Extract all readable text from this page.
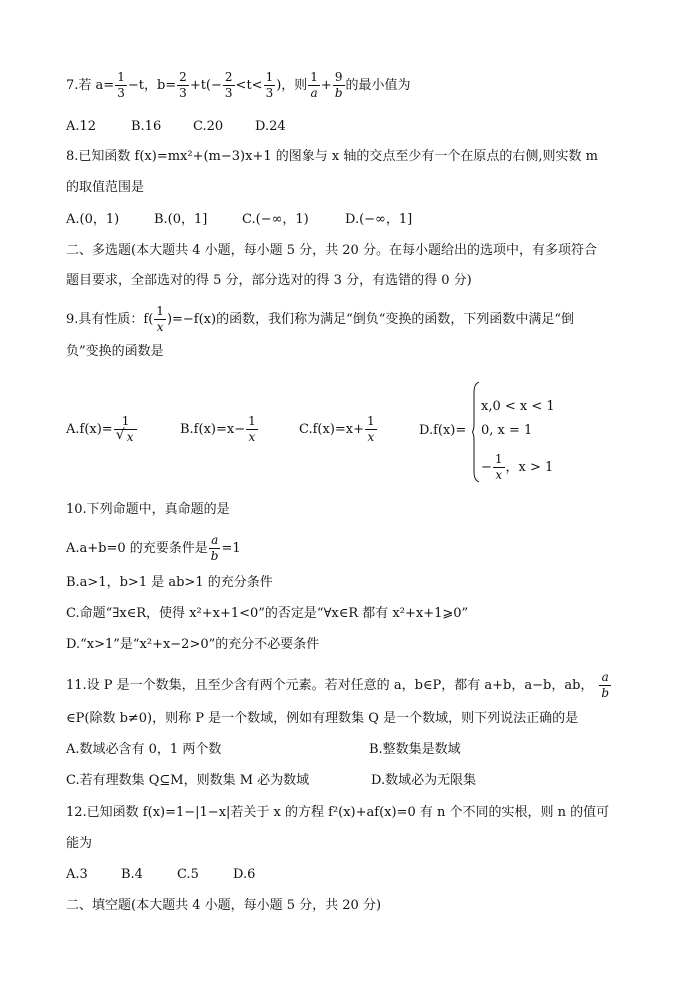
7.若 $a= \frac{1}{3} -t$，$b= \frac{2}{3} +t(- \frac{2}{3} <t< \frac{1}{3}$ )，则 $\frac{1}{a} + \frac{9}{b}$ 的最小值为
A.12	B.16 C.20 D.24
8.已知函数 f(x)=mx²+(m−3)x+1 的图象与 x 轴的交点至少有一个在原点的右侧,则实数 m
的取值范围是
A.(0，1)	B.(0，1]	C.(−∞，1)	D.(−∞，1]
二、多选题(本大题共 4 小题，每小题 5 分，共 20 分。在每小题给出的选项中，有多项符合
题目要求，全部选对的得 5 分，部分选对的得 3 分，有选错的得 0 分)
9.具有性质：$f( \frac{1}{x} )=-f(x)$的函数，我们称为满足“倒负“变换的函数，下列函数中满足“倒
负”变换的函数是
$A.f(x)= \frac{1}{√ x}$	$B.f(x)=x- \frac{1}{x}$	$C.f(x)=x+ \frac{1}{x}$	D.f(x)=
x,0 < x < 1
0, x = 1
− $\frac{1}{x}$ ，x > 1
10.下列命题中，真命题的是
A.a+b=0 的充要条件是 $\frac{a}{b} =1$
B.a>1，b>1 是 ab>1 的充分条件
C.命题“∃x∈R，使得 x²+x+1<0”的否定是“∀x∈R 都有 x²+x+1⩾0”
D.“x>1”是“x²+x−2>0”的充分不必要条件
11.设 P 是一个数集，且至少含有两个元素。若对任意的 a，b∈P，都有 a+b，a−b，ab， $\frac{a}{b}$
∈P(除数 b≠0)，则称 P 是一个数域，例如有理数集 Q 是一个数域，则下列说法正确的是
A.数域必含有 0，1 两个数	B.整数集是数域
C.若有理数集 Q⊆M，则数集 M 必为数域	D.数域必为无限集
12.已知函数 f(x)=1−|1−x|若关于 x 的方程 f²(x)+af(x)=0 有 n 个不同的实根，则 n 的值可
能为
A.3	B.4	C.5	D.6
二、填空题(本大题共 4 小题，每小题 5 分，共 20 分)
